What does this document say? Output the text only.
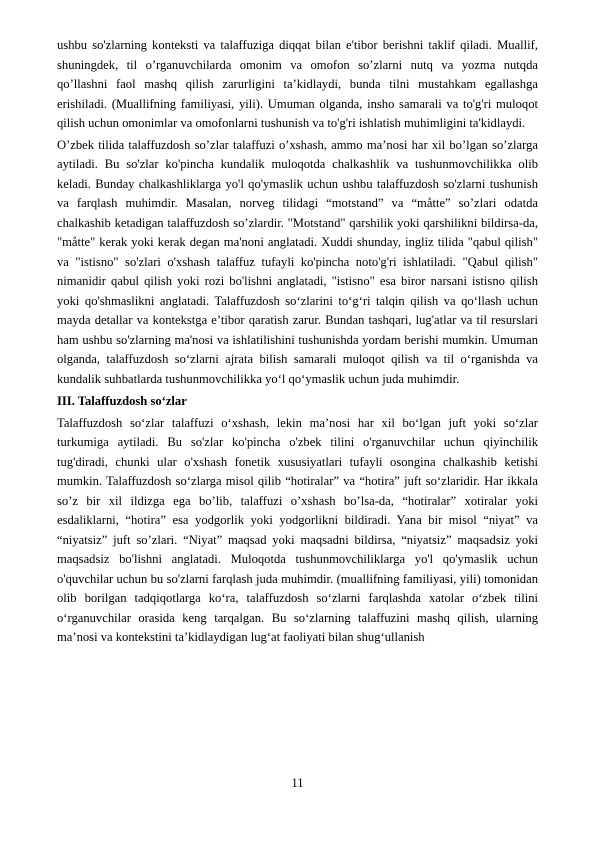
ushbu so'zlarning konteksti va talaffuziga diqqat bilan e'tibor berishni taklif qiladi. Muallif, shuningdek, til o’rganuvchilarda omonim va omofon so’zlarni nutq va yozma nutqda qo’llashni faol mashq qilish zarurligini ta’kidlaydi, bunda tilni mustahkam egallashga erishiladi. (Muallifning familiyasi, yili). Umuman olganda, insho samarali va to'g'ri muloqot qilish uchun omonimlar va omofonlarni tushunish va to'g'ri ishlatish muhimligini ta'kidlaydi.

O’zbek tilida talaffuzdosh so’zlar talaffuzi o’xshash, ammo ma’nosi har xil bo’lgan so’zlarga aytiladi. Bu so'zlar ko'pincha kundalik muloqotda chalkashlik va tushunmovchilikka olib keladi. Bunday chalkashliklarga yo'l qo'ymaslik uchun ushbu talaffuzdosh so'zlarni tushunish va farqlash muhimdir. Masalan, norveg tilidagi “motstand” va “måtte” so’zlari odatda chalkashib ketadigan talaffuzdosh so’zlardir. "Motstand" qarshilik yoki qarshilikni bildirsa-da, "måtte" kerak yoki kerak degan ma'noni anglatadi. Xuddi shunday, ingliz tilida "qabul qilish" va "istisno" so'zlari o'xshash talaffuz tufayli ko'pincha noto'g'ri ishlatiladi. "Qabul qilish" nimanidir qabul qilish yoki rozi bo'lishni anglatadi, "istisno" esa biror narsani istisno qilish yoki qo'shmaslikni anglatadi. Talaffuzdosh soʻzlarini toʻgʻri talqin qilish va qoʻllash uchun mayda detallar va kontekstga e’tibor qaratish zarur. Bundan tashqari, lug'atlar va til resurslari ham ushbu so'zlarning ma'nosi va ishlatilishini tushunishda yordam berishi mumkin. Umuman olganda, talaffuzdosh soʻzlarni ajrata bilish samarali muloqot qilish va til oʻrganishda va kundalik suhbatlarda tushunmovchilikka yoʻl qoʻymaslik uchun juda muhimdir.

III. Talaffuzdosh soʻzlar

Talaffuzdosh soʻzlar talaffuzi oʻxshash, lekin ma’nosi har xil boʻlgan juft yoki soʻzlar turkumiga aytiladi. Bu so'zlar ko'pincha o'zbek tilini o'rganuvchilar uchun qiyinchilik tug'diradi, chunki ular o'xshash fonetik xususiyatlari tufayli osongina chalkashib ketishi mumkin. Talaffuzdosh soʻzlarga misol qilib “hotiralar” va “hotira” juft soʻzlaridir. Har ikkala so’z bir xil ildizga ega bo’lib, talaffuzi o’xshash bo’lsa-da, “hotiralar” xotiralar yoki esdaliklarni, “hotira” esa yodgorlik yoki yodgorlikni bildiradi. Yana bir misol “niyat” va “niyatsiz” juft so’zlari. “Niyat” maqsad yoki maqsadni bildirsa, “niyatsiz” maqsadsiz yoki maqsadsiz bo'lishni anglatadi. Muloqotda tushunmovchiliklarga yo'l qo'ymaslik uchun o'quvchilar uchun bu so'zlarni farqlash juda muhimdir. (muallifning familiyasi, yili) tomonidan olib borilgan tadqiqotlarga koʻra, talaffuzdosh soʻzlarni farqlashda xatolar oʻzbek tilini oʻrganuvchilar orasida keng tarqalgan. Bu soʻzlarning talaffuzini mashq qilish, ularning ma’nosi va kontekstini ta’kidlaydigan lugʻat faoliyati bilan shugʻullanish

11
